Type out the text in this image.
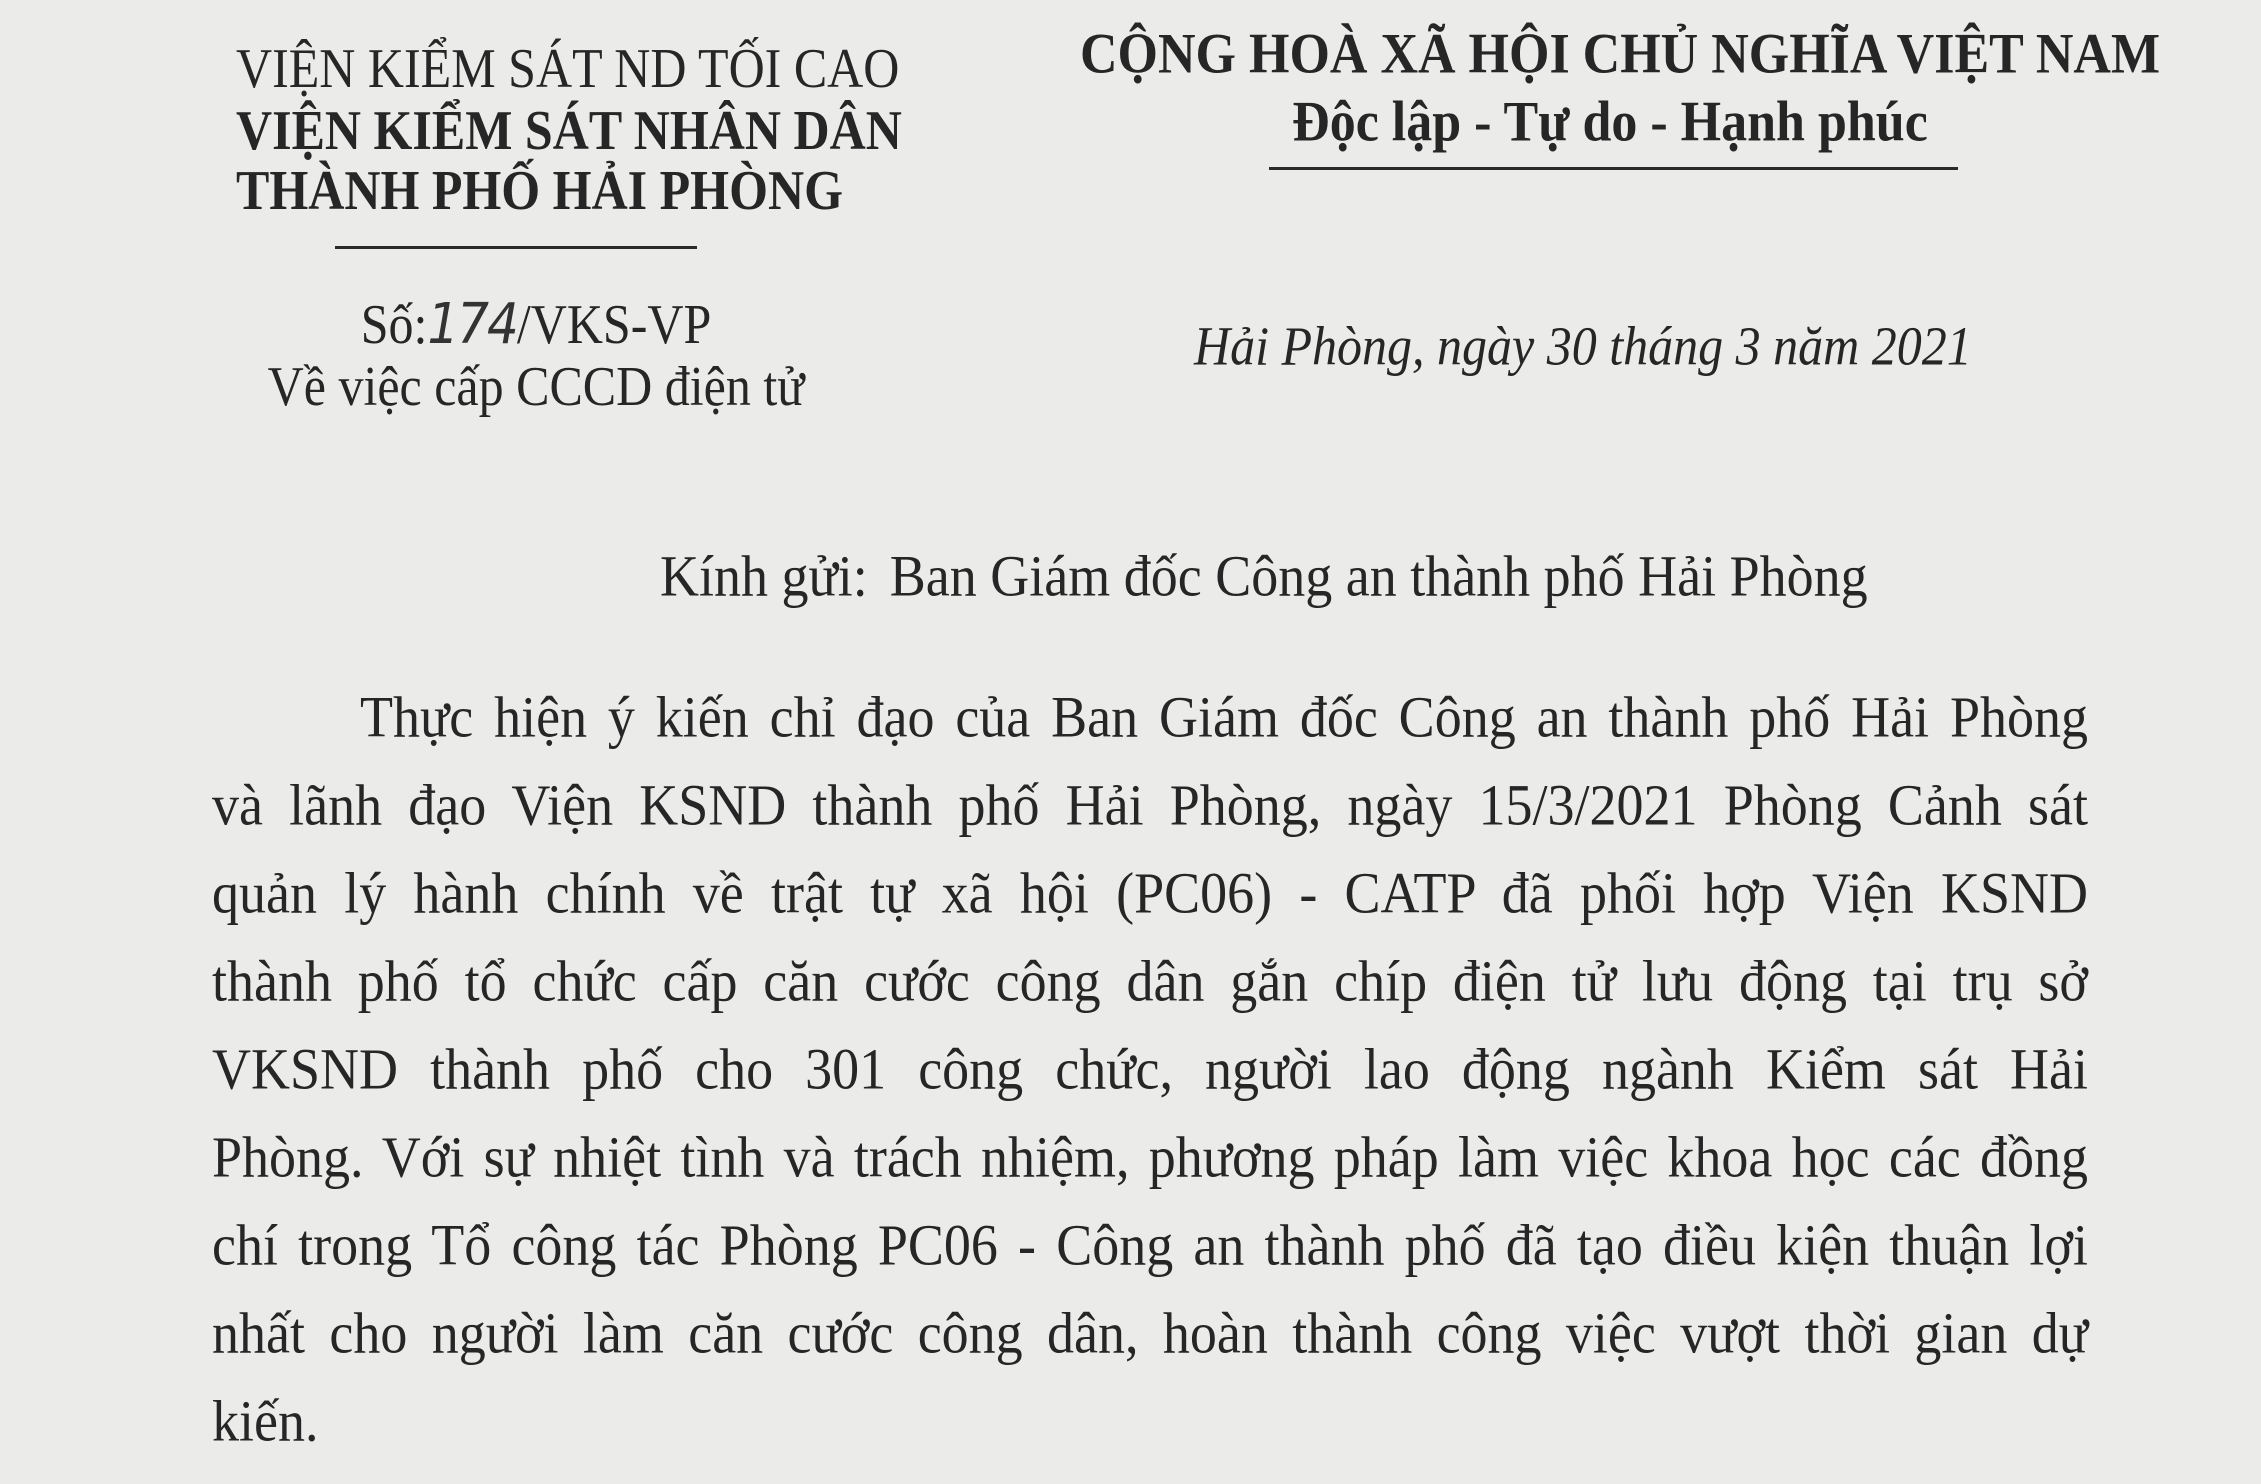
VIỆN KIỂM SÁT ND TỐI CAO
VIỆN KIỂM SÁT NHÂN DÂN
THÀNH PHỐ HẢI PHÒNG
Số:174/VKS-VP
Về việc cấp CCCD điện tử
CỘNG HOÀ XÃ HỘI CHỦ NGHĨA VIỆT NAM
Độc lập - Tự do - Hạnh phúc
Hải Phòng, ngày 30 tháng 3 năm 2021
Kính gửi: Ban Giám đốc Công an thành phố Hải Phòng
Thực hiện ý kiến chỉ đạo của Ban Giám đốc Công an thành phố Hải Phòng
và lãnh đạo Viện KSND thành phố Hải Phòng, ngày 15/3/2021 Phòng Cảnh sát
quản lý hành chính về trật tự xã hội (PC06) - CATP đã phối hợp Viện KSND
thành phố tổ chức cấp căn cước công dân gắn chíp điện tử lưu động tại trụ sở
VKSND thành phố cho 301 công chức, người lao động ngành Kiểm sát Hải
Phòng. Với sự nhiệt tình và trách nhiệm, phương pháp làm việc khoa học các đồng
chí trong Tổ công tác Phòng PC06 - Công an thành phố đã tạo điều kiện thuận lợi
nhất cho người làm căn cước công dân, hoàn thành công việc vượt thời gian dự
kiến.
